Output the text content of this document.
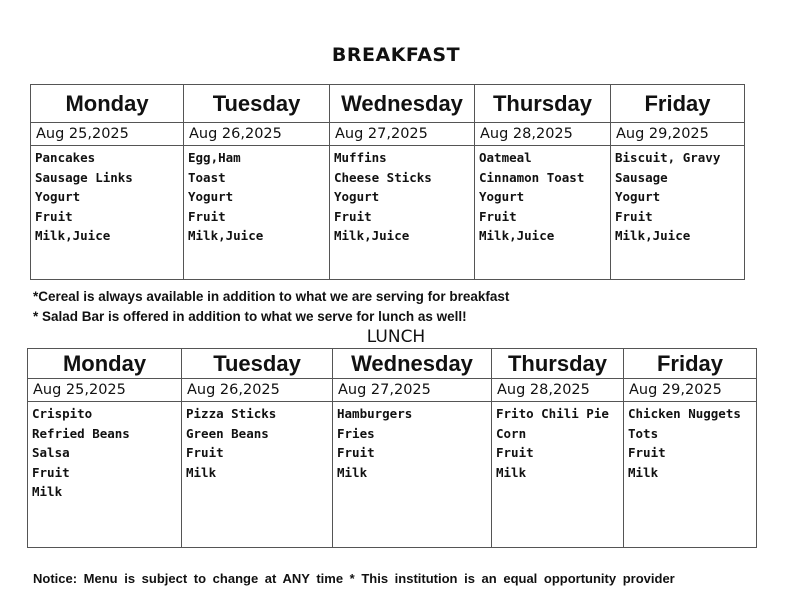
BREAKFAST
Monday
Aug 25,2025
Pancakes
Sausage Links
Yogurt
Fruit
Milk,Juice
Tuesday
Aug 26,2025
Egg,Ham
Toast
Yogurt
Fruit
Milk,Juice
Wednesday
Aug 27,2025
Muffins
Cheese Sticks
Yogurt
Fruit
Milk,Juice
Thursday
Aug 28,2025
Oatmeal
Cinnamon Toast
Yogurt
Fruit
Milk,Juice
Friday
Aug 29,2025
Biscuit, Gravy
Sausage
Yogurt
Fruit
Milk,Juice
*Cereal is always available in addition to what we are serving for breakfast
* Salad Bar is offered in addition to what we serve for lunch as well!
LUNCH
Monday
Aug 25,2025
Crispito
Refried Beans
Salsa
Fruit
Milk
Tuesday
Aug 26,2025
Pizza Sticks
Green Beans
Fruit
Milk
Wednesday
Aug 27,2025
Hamburgers
Fries
Fruit
Milk
Thursday
Aug 28,2025
Frito Chili Pie
Corn
Fruit
Milk
Friday
Aug 29,2025
Chicken Nuggets
Tots
Fruit
Milk
Notice: Menu is subject to change at ANY time * This institution is an equal opportunity provider
